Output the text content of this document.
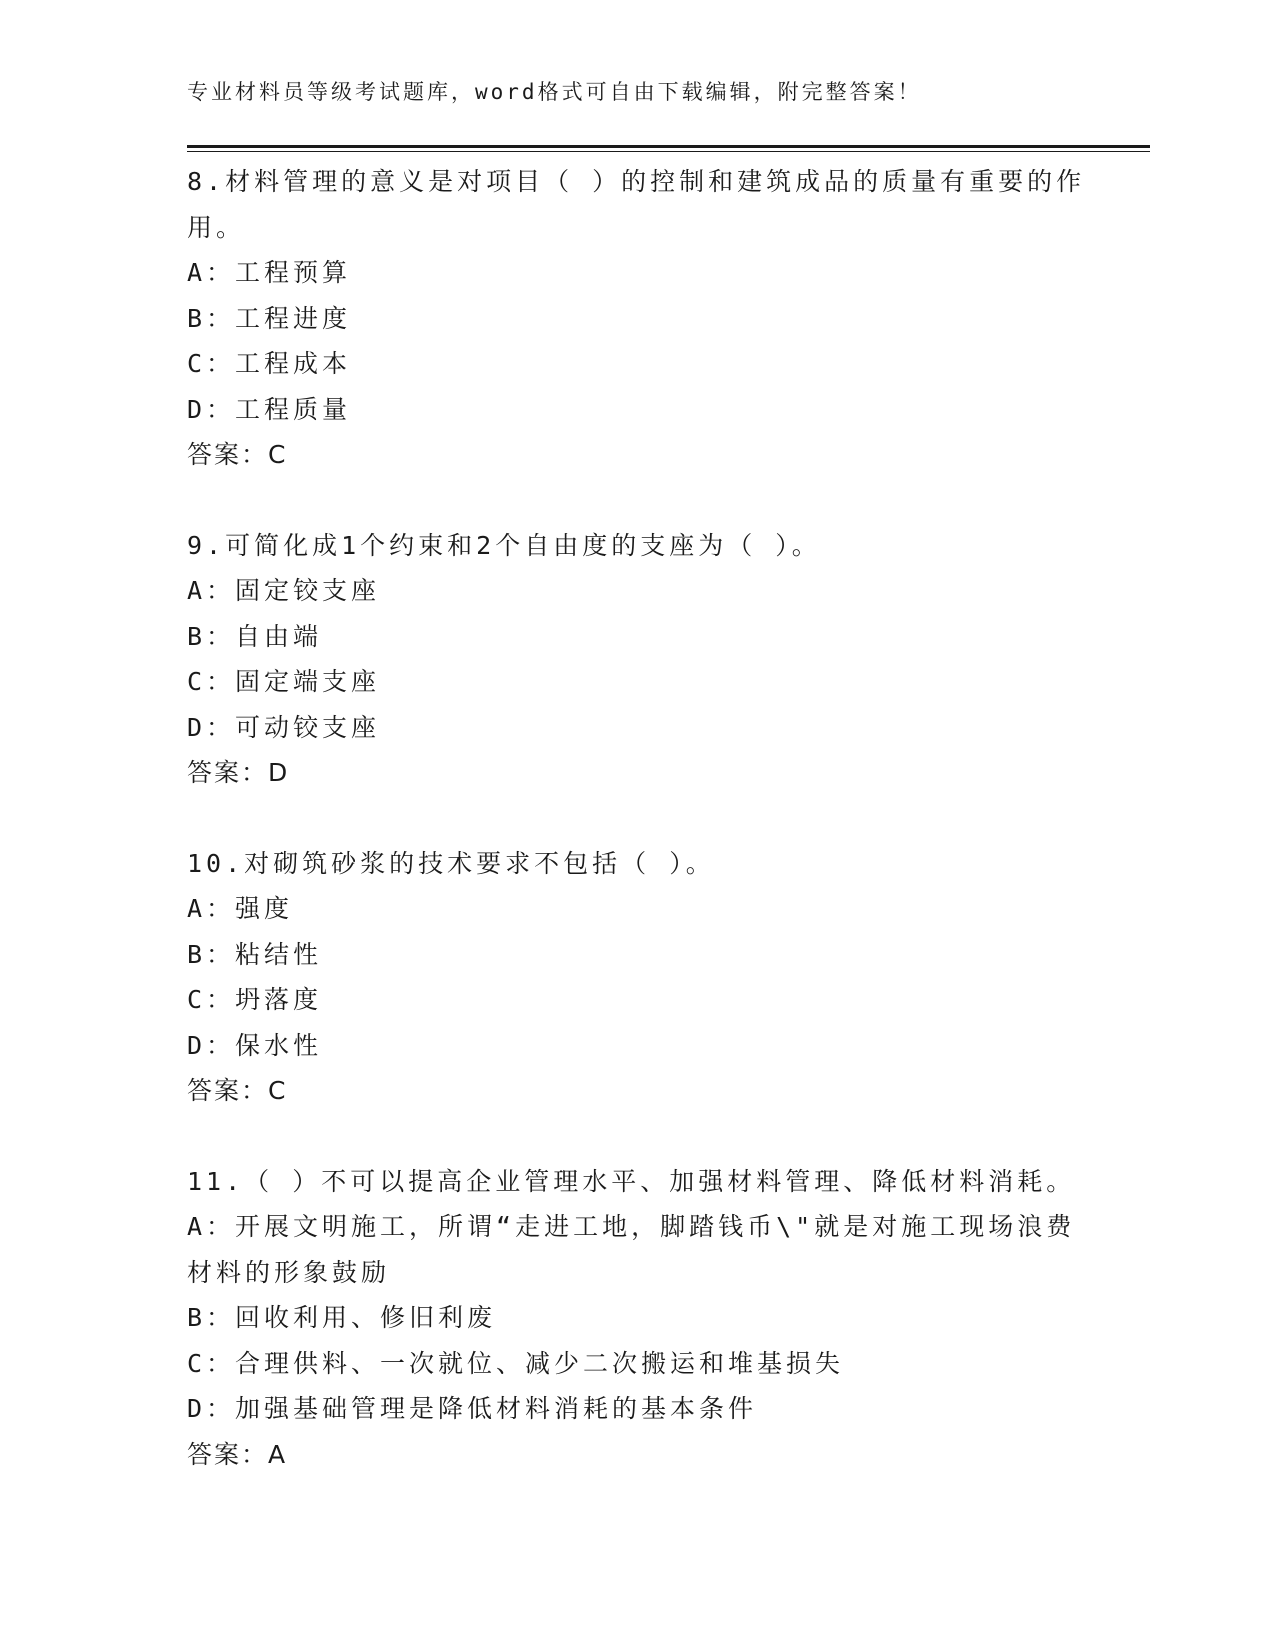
专业材料员等级考试题库，word格式可自由下载编辑，附完整答案！
8.材料管理的意义是对项目（ ）的控制和建筑成品的质量有重要的作
用。
A：工程预算
B：工程进度
C：工程成本
D：工程质量
答案：C
9.可简化成1个约束和2个自由度的支座为（ ）。
A：固定铰支座
B：自由端
C：固定端支座
D：可动铰支座
答案：D
10.对砌筑砂浆的技术要求不包括（ ）。
A：强度
B：粘结性
C：坍落度
D：保水性
答案：C
11.（ ）不可以提高企业管理水平、加强材料管理、降低材料消耗。
A：开展文明施工，所谓“走进工地，脚踏钱币\"就是对施工现场浪费
材料的形象鼓励
B：回收利用、修旧利废
C：合理供料、一次就位、减少二次搬运和堆基损失
D：加强基础管理是降低材料消耗的基本条件
答案：A
